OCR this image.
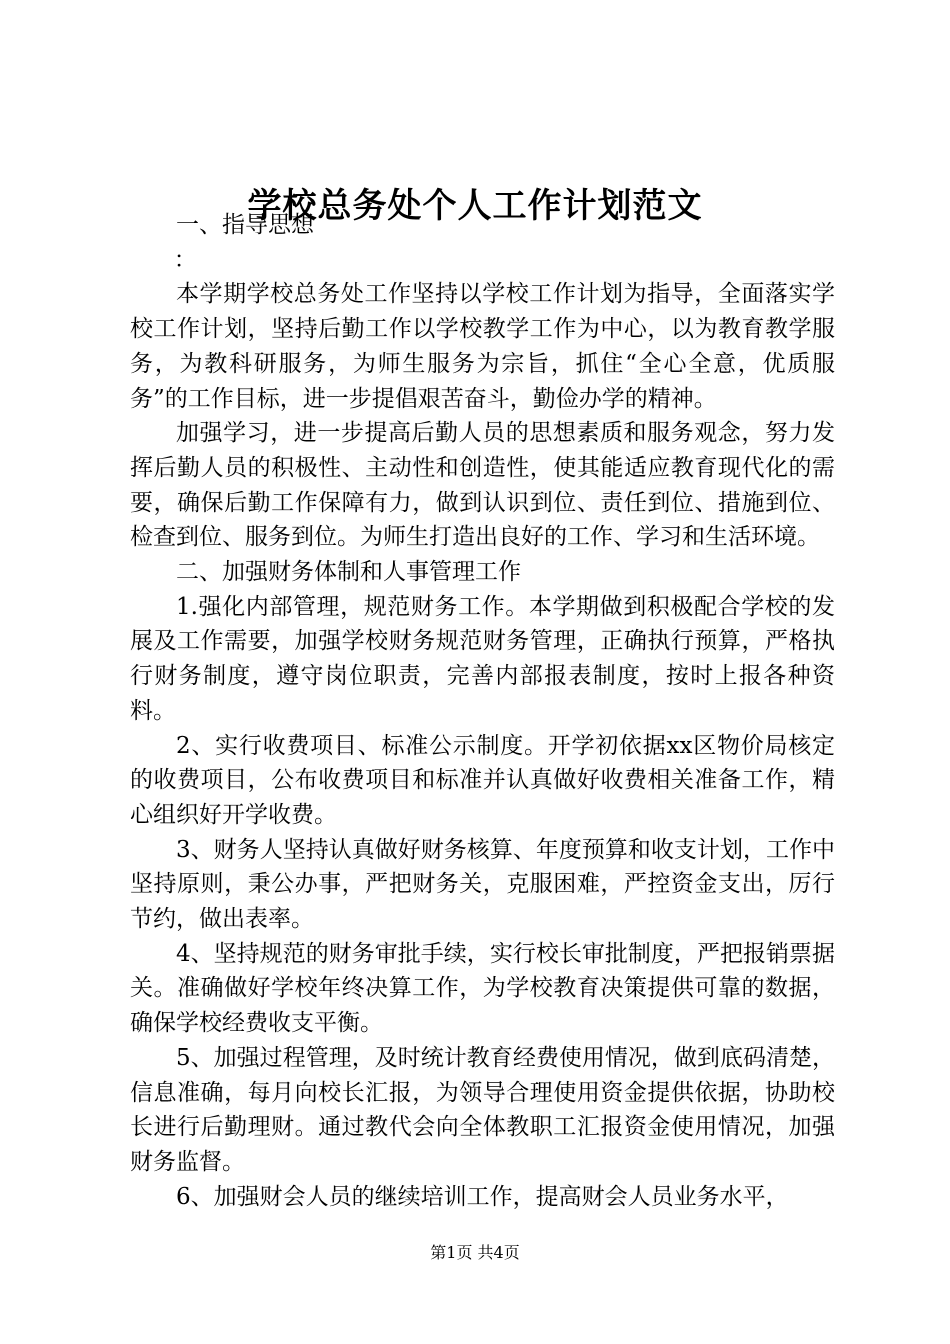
学校总务处个人工作计划范文

一、指导思想

：

本学期学校总务处工作坚持以学校工作计划为指导，全面落实学校工作计划，坚持后勤工作以学校教学工作为中心，以为教育教学服务，为教科研服务，为师生服务为宗旨，抓住“全心全意，优质服务”的工作目标，进一步提倡艰苦奋斗，勤俭办学的精神。

加强学习，进一步提高后勤人员的思想素质和服务观念，努力发挥后勤人员的积极性、主动性和创造性，使其能适应教育现代化的需要，确保后勤工作保障有力，做到认识到位、责任到位、措施到位、检查到位、服务到位。为师生打造出良好的工作、学习和生活环境。

二、加强财务体制和人事管理工作

1.强化内部管理，规范财务工作。本学期做到积极配合学校的发展及工作需要，加强学校财务规范财务管理，正确执行预算，严格执行财务制度，遵守岗位职责，完善内部报表制度，按时上报各种资料。

2、实行收费项目、标准公示制度。开学初依据xx区物价局核定的收费项目，公布收费项目和标准并认真做好收费相关准备工作，精心组织好开学收费。

3、财务人坚持认真做好财务核算、年度预算和收支计划，工作中坚持原则，秉公办事，严把财务关，克服困难，严控资金支出，厉行节约，做出表率。

4、坚持规范的财务审批手续，实行校长审批制度，严把报销票据关。准确做好学校年终决算工作，为学校教育决策提供可靠的数据，确保学校经费收支平衡。

5、加强过程管理，及时统计教育经费使用情况，做到底码清楚，信息准确，每月向校长汇报，为领导合理使用资金提供依据，协助校长进行后勤理财。通过教代会向全体教职工汇报资金使用情况，加强财务监督。

6、加强财会人员的继续培训工作，提高财会人员业务水平，

第1页 共4页
